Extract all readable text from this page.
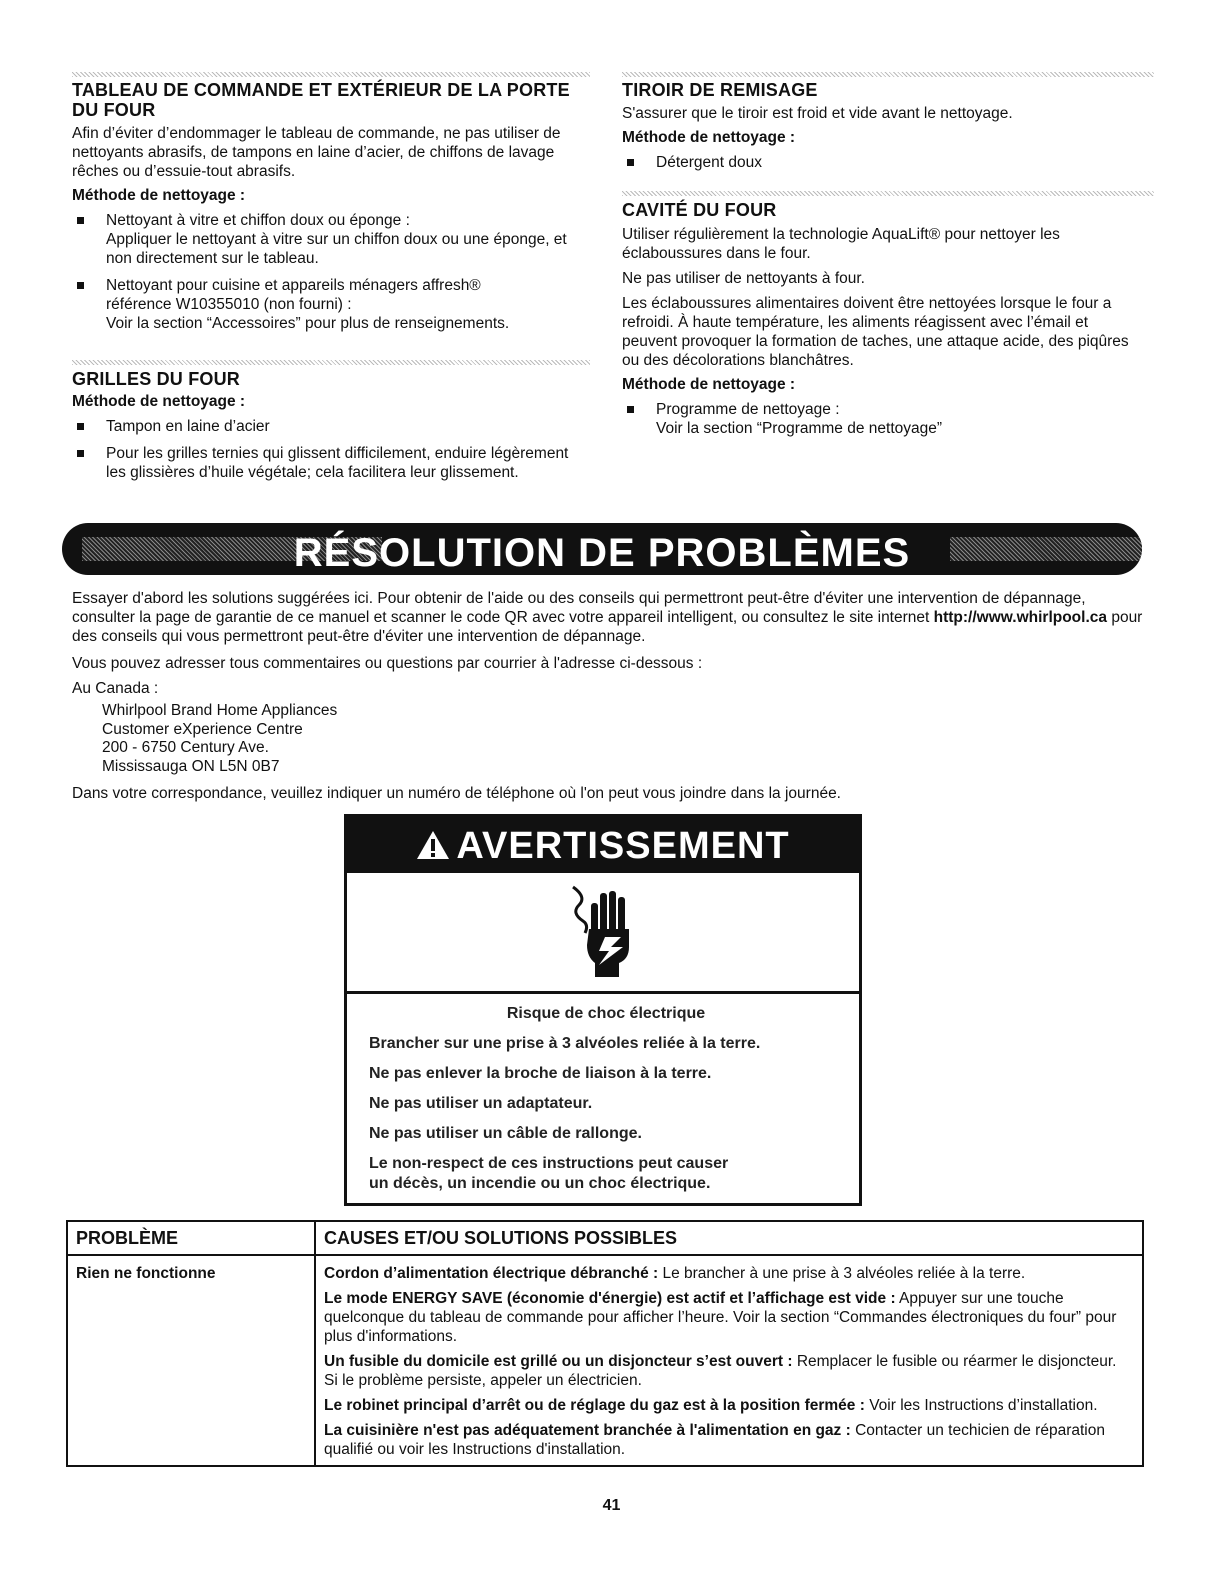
TABLEAU DE COMMANDE ET EXTÉRIEUR DE LA PORTE DU FOUR

Afin d’éviter d’endommager le tableau de commande, ne pas utiliser de nettoyants abrasifs, de tampons en laine d’acier, de chiffons de lavage rêches ou d’essuie-tout abrasifs.

Méthode de nettoyage :
Nettoyant à vitre et chiffon doux ou éponge :
Appliquer le nettoyant à vitre sur un chiffon doux ou une éponge, et non directement sur le tableau.
Nettoyant pour cuisine et appareils ménagers affresh®
référence W10355010 (non fourni) :
Voir la section “Accessoires” pour plus de renseignements.
GRILLES DU FOUR
Méthode de nettoyage :
Tampon en laine d’acier
Pour les grilles ternies qui glissent difficilement, enduire légèrement les glissières d’huile végétale; cela facilitera leur glissement.
TIROIR DE REMISAGE

S'assurer que le tiroir est froid et vide avant le nettoyage.

Méthode de nettoyage :
Détergent doux
CAVITÉ DU FOUR

Utiliser régulièrement la technologie AquaLift® pour nettoyer les éclaboussures dans le four.

Ne pas utiliser de nettoyants à four.

Les éclaboussures alimentaires doivent être nettoyées lorsque le four a refroidi. À haute température, les aliments réagissent avec l’émail et peuvent provoquer la formation de taches, une attaque acide, des piqûres ou des décolorations blanchâtres.

Méthode de nettoyage :
Programme de nettoyage :
Voir la section “Programme de nettoyage”
RÉSOLUTION DE PROBLÈMES

Essayer d'abord les solutions suggérées ici. Pour obtenir de l'aide ou des conseils qui permettront peut-être d'éviter une intervention de dépannage, consulter la page de garantie de ce manuel et scanner le code QR avec votre appareil intelligent, ou consultez le site internet http://www.whirlpool.ca pour des conseils qui vous permettront peut-être d'éviter une intervention de dépannage.

Vous pouvez adresser tous commentaires ou questions par courrier à l'adresse ci-dessous :

Au Canada :

Whirlpool Brand Home Appliances
Customer eXperience Centre
200 - 6750 Century Ave.
Mississauga ON L5N 0B7

Dans votre correspondance, veuillez indiquer un numéro de téléphone où l'on peut vous joindre dans la journée.

AVERTISSEMENT

Risque de choc électrique

Brancher sur une prise à 3 alvéoles reliée à la terre.

Ne pas enlever la broche de liaison à la terre.

Ne pas utiliser un adaptateur.

Ne pas utiliser un câble de rallonge.

Le non-respect de ces instructions peut causer
un décès, un incendie ou un choc électrique.

PROBLÈME	CAUSES ET/OU SOLUTIONS POSSIBLES
Rien ne fonctionne	Cordon d’alimentation électrique débranché : Le brancher à une prise à 3 alvéoles reliée à la terre.

Le mode ENERGY SAVE (économie d'énergie) est actif et l’affichage est vide : Appuyer sur une touche quelconque du tableau de commande pour afficher l’heure. Voir la section “Commandes électroniques du four” pour plus d'informations.

Un fusible du domicile est grillé ou un disjoncteur s’est ouvert : Remplacer le fusible ou réarmer le disjoncteur. Si le problème persiste, appeler un électricien.

Le robinet principal d’arrêt ou de réglage du gaz est à la position fermée : Voir les Instructions d’installation.

La cuisinière n'est pas adéquatement branchée à l'alimentation en gaz : Contacter un techicien de réparation qualifié ou voir les Instructions d'installation.

41
